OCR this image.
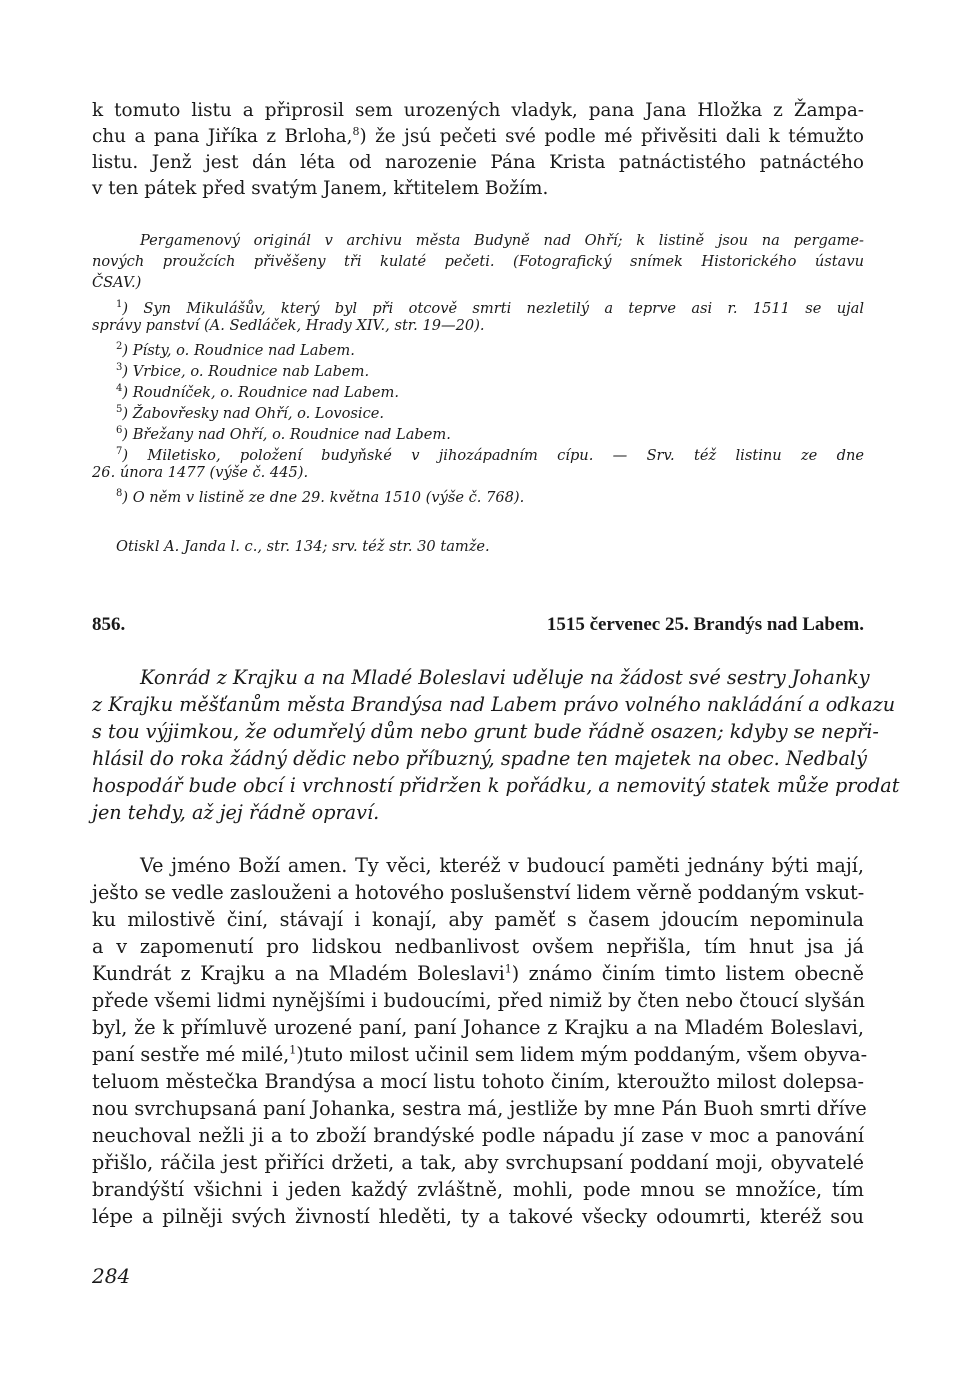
k tomuto listu a připrosil sem urozených vladyk, pana Jana Hložka z Žampa-
chu a pana Jiříka z Brloha,$^8$) že jsú pečeti své podle mé přivěsiti dali k témužto
listu. Jenž jest dán léta od narozenie Pána Krista patnáctistého patnáctého
v ten pátek před svatým Janem, křtitelem Božím.
Pergamenový originál v archivu města Budyně nad Ohří; k listině jsou na pergame-
nových proužcích přivěšeny tři kulaté pečeti. (Fotografický snímek Historického ústavu
ČSAV.)
$^1$) Syn Mikulášův, který byl při otcově smrti nezletilý a teprve asi r. 1511 se ujal
správy panství (A. Sedláček, Hrady XIV., str. 19—20).
$^2$) Písty, o. Roudnice nad Labem.
$^3$) Vrbice, o. Roudnice nab Labem.
$^4$) Roudníček, o. Roudnice nad Labem.
$^5$) Žabovřesky nad Ohří, o. Lovosice.
$^6$) Břežany nad Ohří, o. Roudnice nad Labem.
$^7$) Miletisko, položení budyňské v jihozápadním cípu. — Srv. též listinu ze dne
26. února 1477 (výše č. 445).
$^8$) O něm v listině ze dne 29. května 1510 (výše č. 768).
Otiskl A. Janda l. c., str. 134; srv. též str. 30 tamže.
856.	1515 červenec 25. Brandýs nad Labem.
Konrád z Krajku a na Mladé Boleslavi uděluje na žádost své sestry Johanky
z Krajku měšťanům města Brandýsa nad Labem právo volného nakládání a odkazu
s tou výjimkou, že odumřelý dům nebo grunt bude řádně osazen; kdyby se nepři-
hlásil do roka žádný dědic nebo příbuzný, spadne ten majetek na obec. Nedbalý
hospodář bude obcí i vrchností přidržen k pořádku, a nemovitý statek může prodat
jen tehdy, až jej řádně opraví.
Ve jméno Boží amen. Ty věci, kteréž v budoucí paměti jednány býti mají,
ješto se vedle zaslouženi a hotového poslušenství lidem věrně poddaným vskut-
ku milostivě činí, stávají i konají, aby paměť s časem jdoucím nepominula
a v zapomenutí pro lidskou nedbanlivost ovšem nepřišla, tím hnut jsa já
Kundrát z Krajku a na Mladém Boleslavi$^1$) známo činím timto listem obecně
přede všemi lidmi nynějšími i budoucími, před nimiž by čten nebo čtoucí slyšán
byl, že k přímluvě urozené paní, paní Johance z Krajku a na Mladém Boleslavi,
paní sestře mé milé,$^1$)tuto milost učinil sem lidem mým poddaným, všem obyva-
teluom městečka Brandýsa a mocí listu tohoto činím, kteroužto milost dolepsa-
nou svrchupsaná paní Johanka, sestra má, jestliže by mne Pán Buoh smrti dříve
neuchoval nežli ji a to zboží brandýské podle nápadu jí zase v moc a panování
přišlo, ráčila jest přiříci držeti, a tak, aby svrchupsaní poddaní moji, obyvatelé
brandýští všichni i jeden každý zvláštně, mohli, pode mnou se množíce, tím
lépe a pilněji svých živností hleděti, ty a takové všecky odoumrti, kteréž sou
284
